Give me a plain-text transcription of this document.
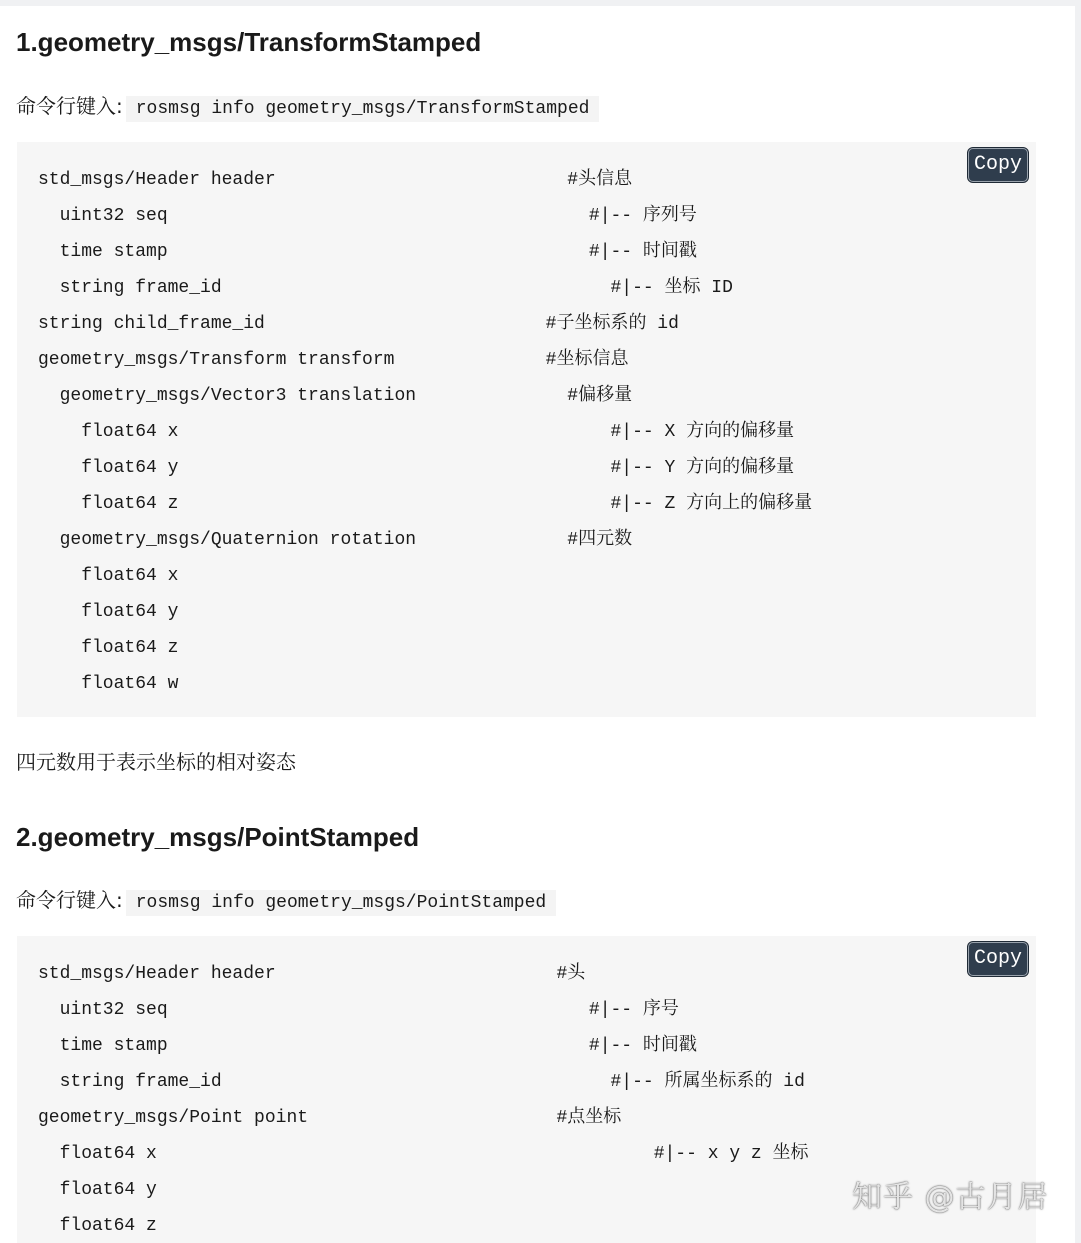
1.geometry_msgs/TransformStamped

命令行键入: rosmsg info geometry_msgs/TransformStamped

std_msgs/Header header                           #头信息
uint32 seq                                       #|-- 序列号
time stamp                                       #|-- 时间戳
string frame_id                                    #|-- 坐标 ID
string child_frame_id                          #子坐标系的 id
geometry_msgs/Transform transform              #坐标信息
geometry_msgs/Vector3 translation              #偏移量
float64 x                                        #|-- X 方向的偏移量
float64 y                                        #|-- Y 方向的偏移量
float64 z                                        #|-- Z 方向上的偏移量
geometry_msgs/Quaternion rotation              #四元数
float64 x
float64 y
float64 z
float64 w
Copy

四元数用于表示坐标的相对姿态

2.geometry_msgs/PointStamped

命令行键入: rosmsg info geometry_msgs/PointStamped

std_msgs/Header header                          #头
uint32 seq                                       #|-- 序号
time stamp                                       #|-- 时间戳
string frame_id                                    #|-- 所属坐标系的 id
geometry_msgs/Point point                       #点坐标
float64 x                                              #|-- x y z 坐标
float64 y
float64 z
Copy
知乎 @古月居
